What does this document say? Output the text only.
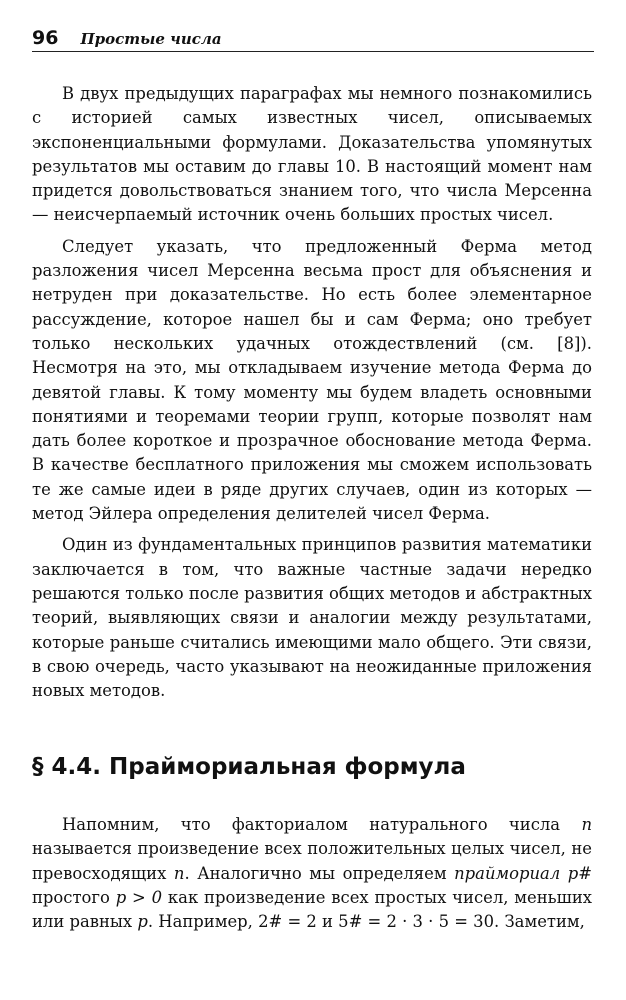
96 Простые числа

В двух предыдущих параграфах мы немного познакомились с историей самых известных чисел, описываемых экспоненциальными формулами. Доказательства упомянутых результатов мы оставим до главы 10. В настоящий момент нам придется довольствоваться знанием того, что числа Мерсенна — неисчерпаемый источник очень больших простых чисел.

Следует указать, что предложенный Ферма метод разложения чисел Мерсенна весьма прост для объяснения и нетруден при доказательстве. Но есть более элементарное рассуждение, которое нашел бы и сам Ферма; оно требует только нескольких удачных отождествлений (см. [8]). Несмотря на это, мы откладываем изучение метода Ферма до девятой главы. К тому моменту мы будем владеть основными понятиями и теоремами теории групп, которые позволят нам дать более короткое и прозрачное обоснование метода Ферма. В качестве бесплатного приложения мы сможем использовать те же самые идеи в ряде других случаев, один из которых — метод Эйлера определения делителей чисел Ферма.

Один из фундаментальных принципов развития математики заключается в том, что важные частные задачи нередко решаются только после развития общих методов и абстрактных теорий, выявляющих связи и аналогии между результатами, которые раньше считались имеющими мало общего. Эти связи, в свою очередь, часто указывают на неожиданные приложения новых методов.

§ 4.4. Праймориальная формула

Напомним, что факториалом натурального числа n называется произведение всех положительных целых чисел, не превосходящих n. Аналогично мы определяем праймориал p# простого p > 0 как произведение всех простых чисел, меньших или равных p. Например, 2# = 2 и 5# = 2 · 3 · 5 = 30. Заметим,
